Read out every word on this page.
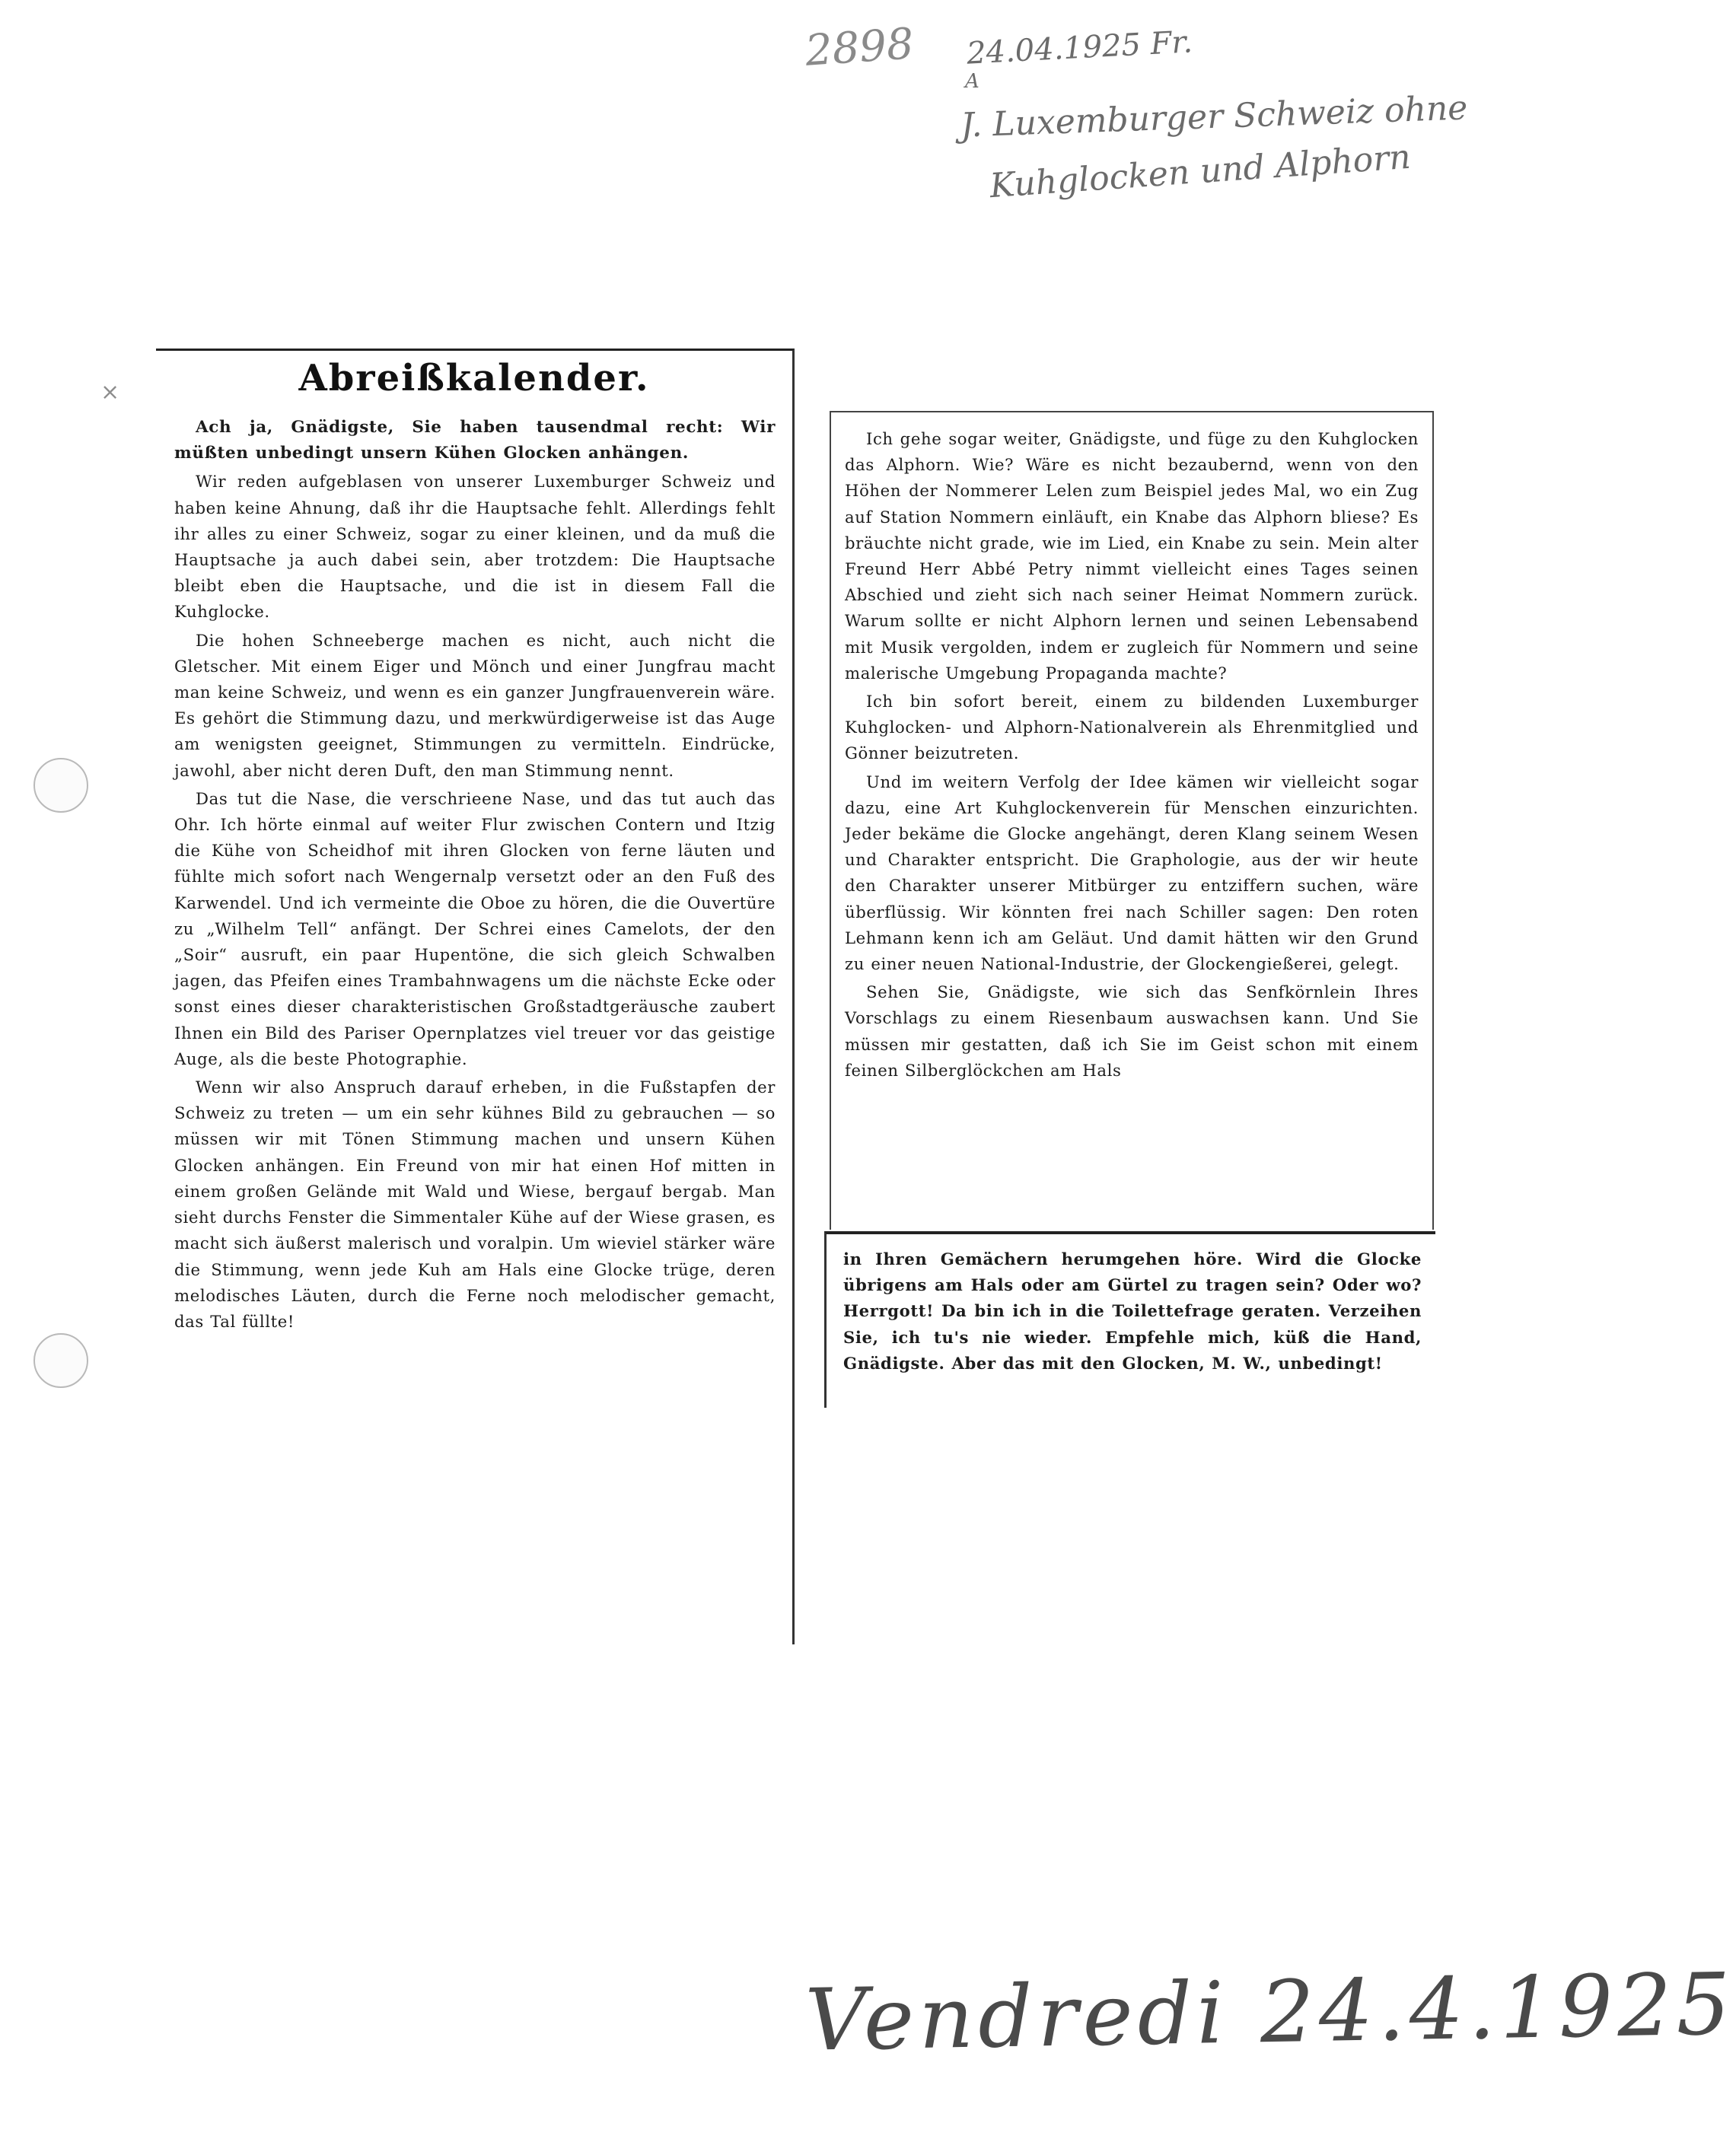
2898 24.04.1925 Fr.
A
J. Luxemburger Schweiz ohne
Kuhglocken und Alphorn
×	Abreißkalender.

Ach ja, Gnädigste, Sie haben tausendmal recht: Wir müßten unbedingt unsern Kühen Glocken anhängen.

Wir reden aufgeblasen von unserer Luxemburger Schweiz und haben keine Ahnung, daß ihr die Hauptsache fehlt. Allerdings fehlt ihr alles zu einer Schweiz, sogar zu einer kleinen, und da muß die Hauptsache ja auch dabei sein, aber trotzdem: Die Hauptsache bleibt eben die Hauptsache, und die ist in diesem Fall die Kuhglocke.

Die hohen Schneeberge machen es nicht, auch nicht die Gletscher. Mit einem Eiger und Mönch und einer Jungfrau macht man keine Schweiz, und wenn es ein ganzer Jungfrauenverein wäre. Es gehört die Stimmung dazu, und merkwürdigerweise ist das Auge am wenigsten geeignet, Stimmungen zu vermitteln. Eindrücke, jawohl, aber nicht deren Duft, den man Stimmung nennt.

Das tut die Nase, die verschrieene Nase, und das tut auch das Ohr. Ich hörte einmal auf weiter Flur zwischen Contern und Itzig die Kühe von Scheidhof mit ihren Glocken von ferne läuten und fühlte mich sofort nach Wengernalp versetzt oder an den Fuß des Karwendel. Und ich vermeinte die Oboe zu hören, die die Ouvertüre zu „Wilhelm Tell“ anfängt. Der Schrei eines Camelots, der den „Soir“ ausruft, ein paar Hupentöne, die sich gleich Schwalben jagen, das Pfeifen eines Trambahnwagens um die nächste Ecke oder sonst eines dieser charakteristischen Großstadtgeräusche zaubert Ihnen ein Bild des Pariser Opernplatzes viel treuer vor das geistige Auge, als die beste Photographie.

Wenn wir also Anspruch darauf erheben, in die Fußstapfen der Schweiz zu treten — um ein sehr kühnes Bild zu gebrauchen — so müssen wir mit Tönen Stimmung machen und unsern Kühen Glocken anhängen. Ein Freund von mir hat einen Hof mitten in einem großen Gelände mit Wald und Wiese, bergauf bergab. Man sieht durchs Fenster die Simmentaler Kühe auf der Wiese grasen, es macht sich äußerst malerisch und voralpin. Um wieviel stärker wäre die Stimmung, wenn jede Kuh am Hals eine Glocke trüge, deren melodisches Läuten, durch die Ferne noch melodischer gemacht, das Tal füllte!

Ich gehe sogar weiter, Gnädigste, und füge zu den Kuhglocken das Alphorn. Wie? Wäre es nicht bezaubernd, wenn von den Höhen der Nommerer Lelen zum Beispiel jedes Mal, wo ein Zug auf Station Nommern einläuft, ein Knabe das Alphorn bliese? Es bräuchte nicht grade, wie im Lied, ein Knabe zu sein. Mein alter Freund Herr Abbé Petry nimmt vielleicht eines Tages seinen Abschied und zieht sich nach seiner Heimat Nommern zurück. Warum sollte er nicht Alphorn lernen und seinen Lebensabend mit Musik vergolden, indem er zugleich für Nommern und seine malerische Umgebung Propaganda machte?

Ich bin sofort bereit, einem zu bildenden Luxemburger Kuhglocken- und Alphorn-Nationalverein als Ehrenmitglied und Gönner beizutreten.

Und im weitern Verfolg der Idee kämen wir vielleicht sogar dazu, eine Art Kuhglockenverein für Menschen einzurichten. Jeder bekäme die Glocke angehängt, deren Klang seinem Wesen und Charakter entspricht. Die Graphologie, aus der wir heute den Charakter unserer Mitbürger zu entziffern suchen, wäre überflüssig. Wir könnten frei nach Schiller sagen: Den roten Lehmann kenn ich am Geläut. Und damit hätten wir den Grund zu einer neuen National-Industrie, der Glockengießerei, gelegt.

Sehen Sie, Gnädigste, wie sich das Senfkörnlein Ihres Vorschlags zu einem Riesenbaum auswachsen kann. Und Sie müssen mir gestatten, daß ich Sie im Geist schon mit einem feinen Silberglöckchen am Hals

in Ihren Gemächern herumgehen höre. Wird die Glocke übrigens am Hals oder am Gürtel zu tragen sein? Oder wo? Herrgott! Da bin ich in die Toilettefrage geraten. Verzeihen Sie, ich tu's nie wieder. Empfehle mich, küß die Hand, Gnädigste. Aber das mit den Glocken, M. W., unbedingt!

Vendredi 24.4.1925
